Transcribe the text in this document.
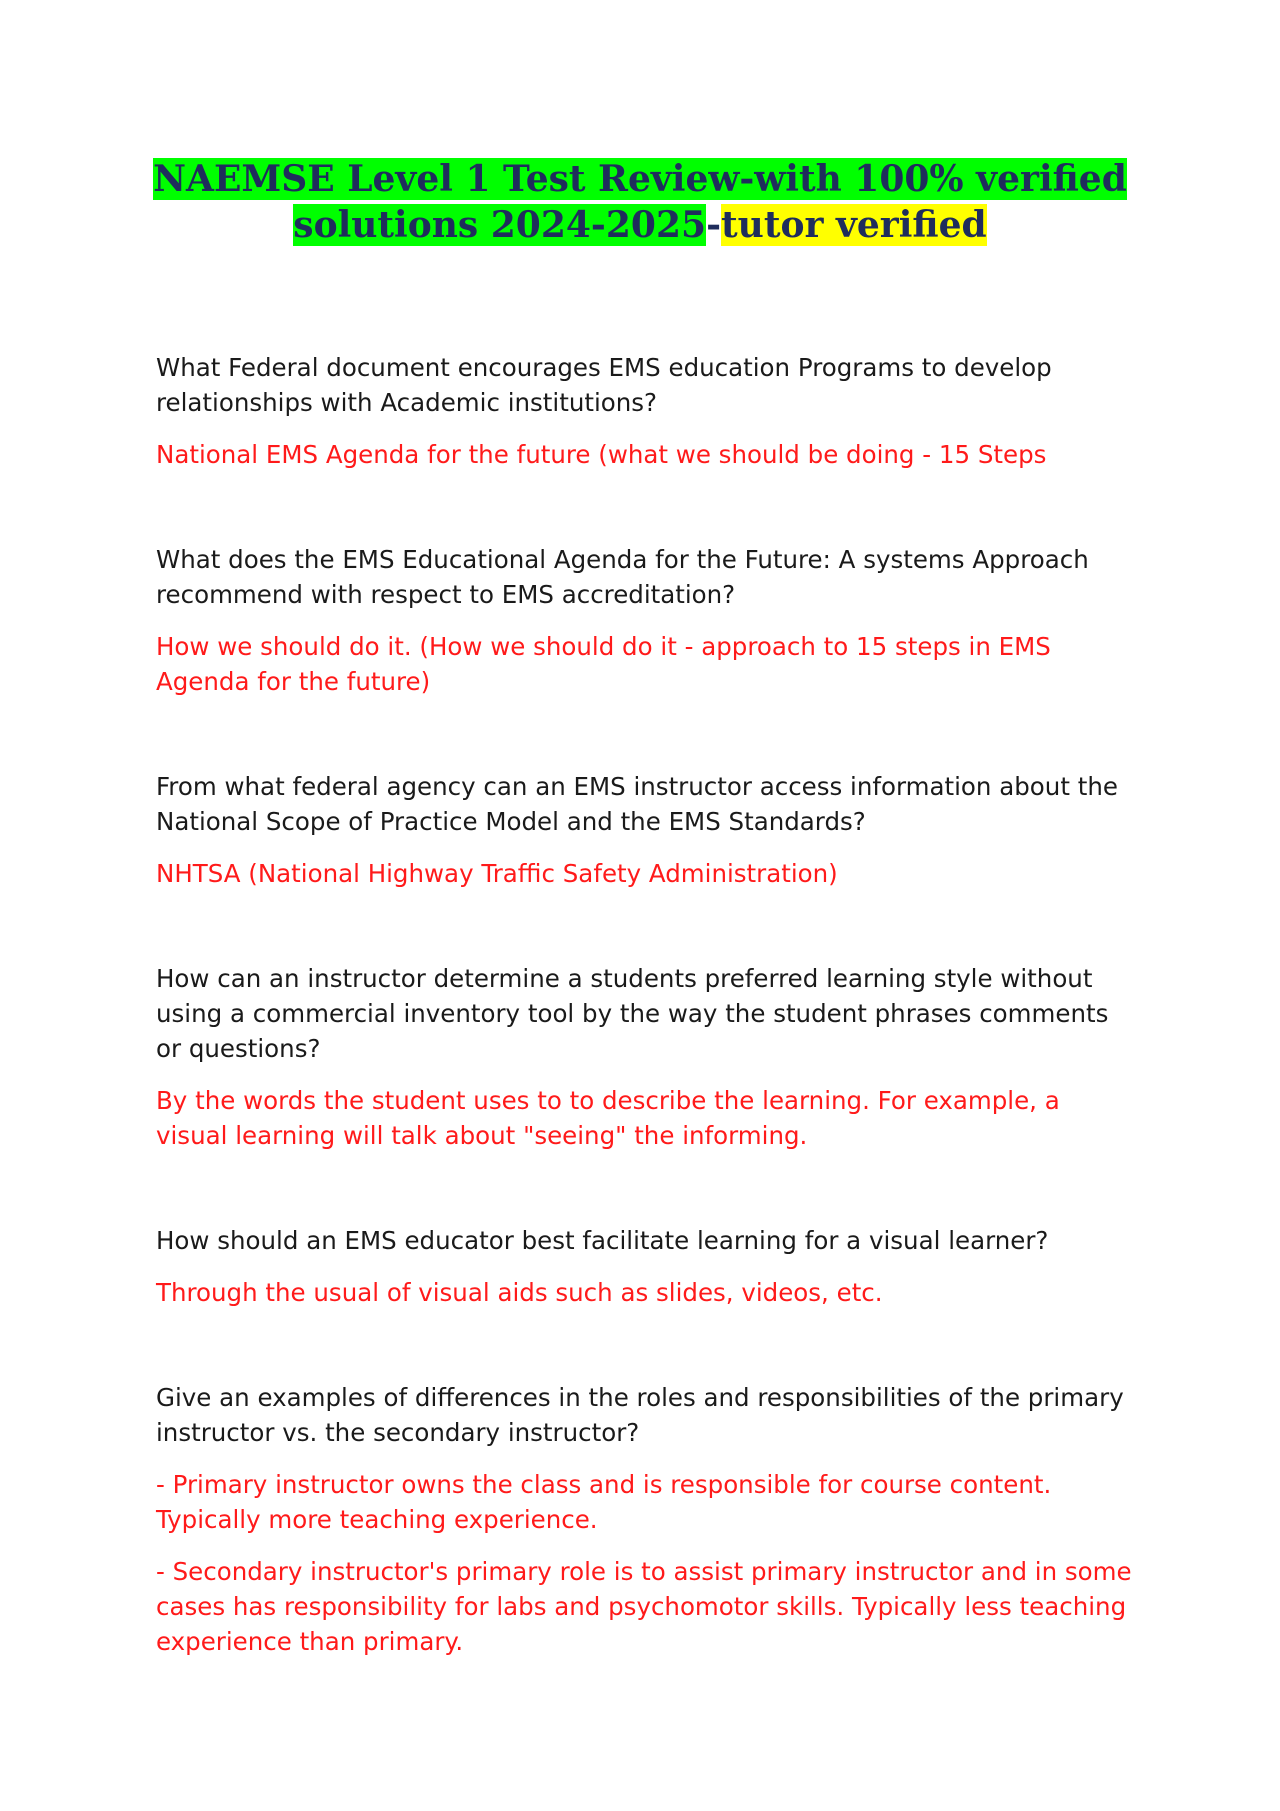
NAEMSE Level 1 Test Review-with 100% verified
solutions 2024-2025-tutor verified

What Federal document encourages EMS education Programs to develop relationships with Academic institutions?

National EMS Agenda for the future (what we should be doing - 15 Steps

What does the EMS Educational Agenda for the Future: A systems Approach recommend with respect to EMS accreditation?

How we should do it. (How we should do it - approach to 15 steps in EMS Agenda for the future)

From what federal agency can an EMS instructor access information about the National Scope of Practice Model and the EMS Standards?

NHTSA (National Highway Traffic Safety Administration)

How can an instructor determine a students preferred learning style without using a commercial inventory tool by the way the student phrases comments or questions?

By the words the student uses to to describe the learning. For example, a visual learning will talk about "seeing" the informing.

How should an EMS educator best facilitate learning for a visual learner?

Through the usual of visual aids such as slides, videos, etc.

Give an examples of differences in the roles and responsibilities of the primary instructor vs. the secondary instructor?

- Primary instructor owns the class and is responsible for course content. Typically more teaching experience.

- Secondary instructor's primary role is to assist primary instructor and in some cases has responsibility for labs and psychomotor skills. Typically less teaching experience than primary.
